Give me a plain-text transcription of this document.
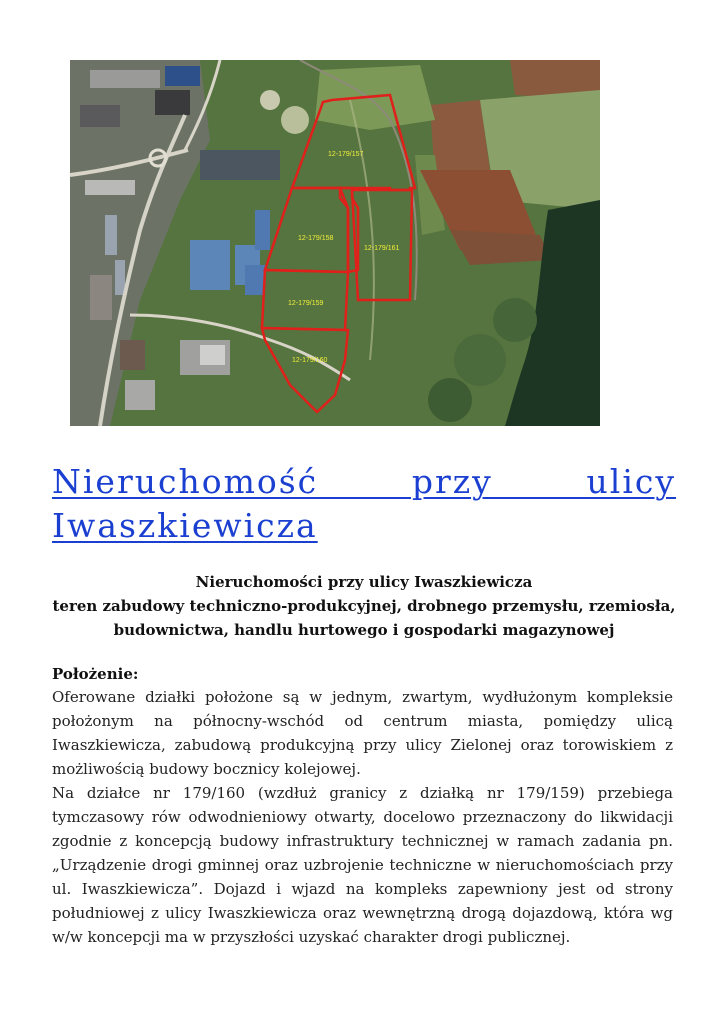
12-179/157
12-179/158
12-179/161
12-179/159
12-179/160
Nieruchomość przy ulicy Iwaszkiewicza
Nieruchomości przy ulicy Iwaszkiewicza
teren zabudowy techniczno-produkcyjnej, drobnego przemysłu, rzemiosła,
budownictwa, handlu hurtowego i gospodarki magazynowej
Położenie:

Oferowane działki położone są w jednym, zwartym, wydłużonym kompleksie położonym na północny-wschód od centrum miasta, pomiędzy ulicą Iwaszkiewicza, zabudową produkcyjną przy ulicy Zielonej oraz torowiskiem z możliwością budowy bocznicy kolejowej.

Na działce nr 179/160 (wzdłuż granicy z działką nr 179/159) przebiega tymczasowy rów odwodnieniowy otwarty, docelowo przeznaczony do likwidacji zgodnie z koncepcją budowy infrastruktury technicznej w ramach zadania pn. „Urządzenie drogi gminnej oraz uzbrojenie techniczne w nieruchomościach przy ul. Iwaszkiewicza”. Dojazd i wjazd na kompleks zapewniony jest od strony południowej z ulicy Iwaszkiewicza oraz wewnętrzną drogą dojazdową, która wg w/w koncepcji ma w przyszłości uzyskać charakter drogi publicznej.
